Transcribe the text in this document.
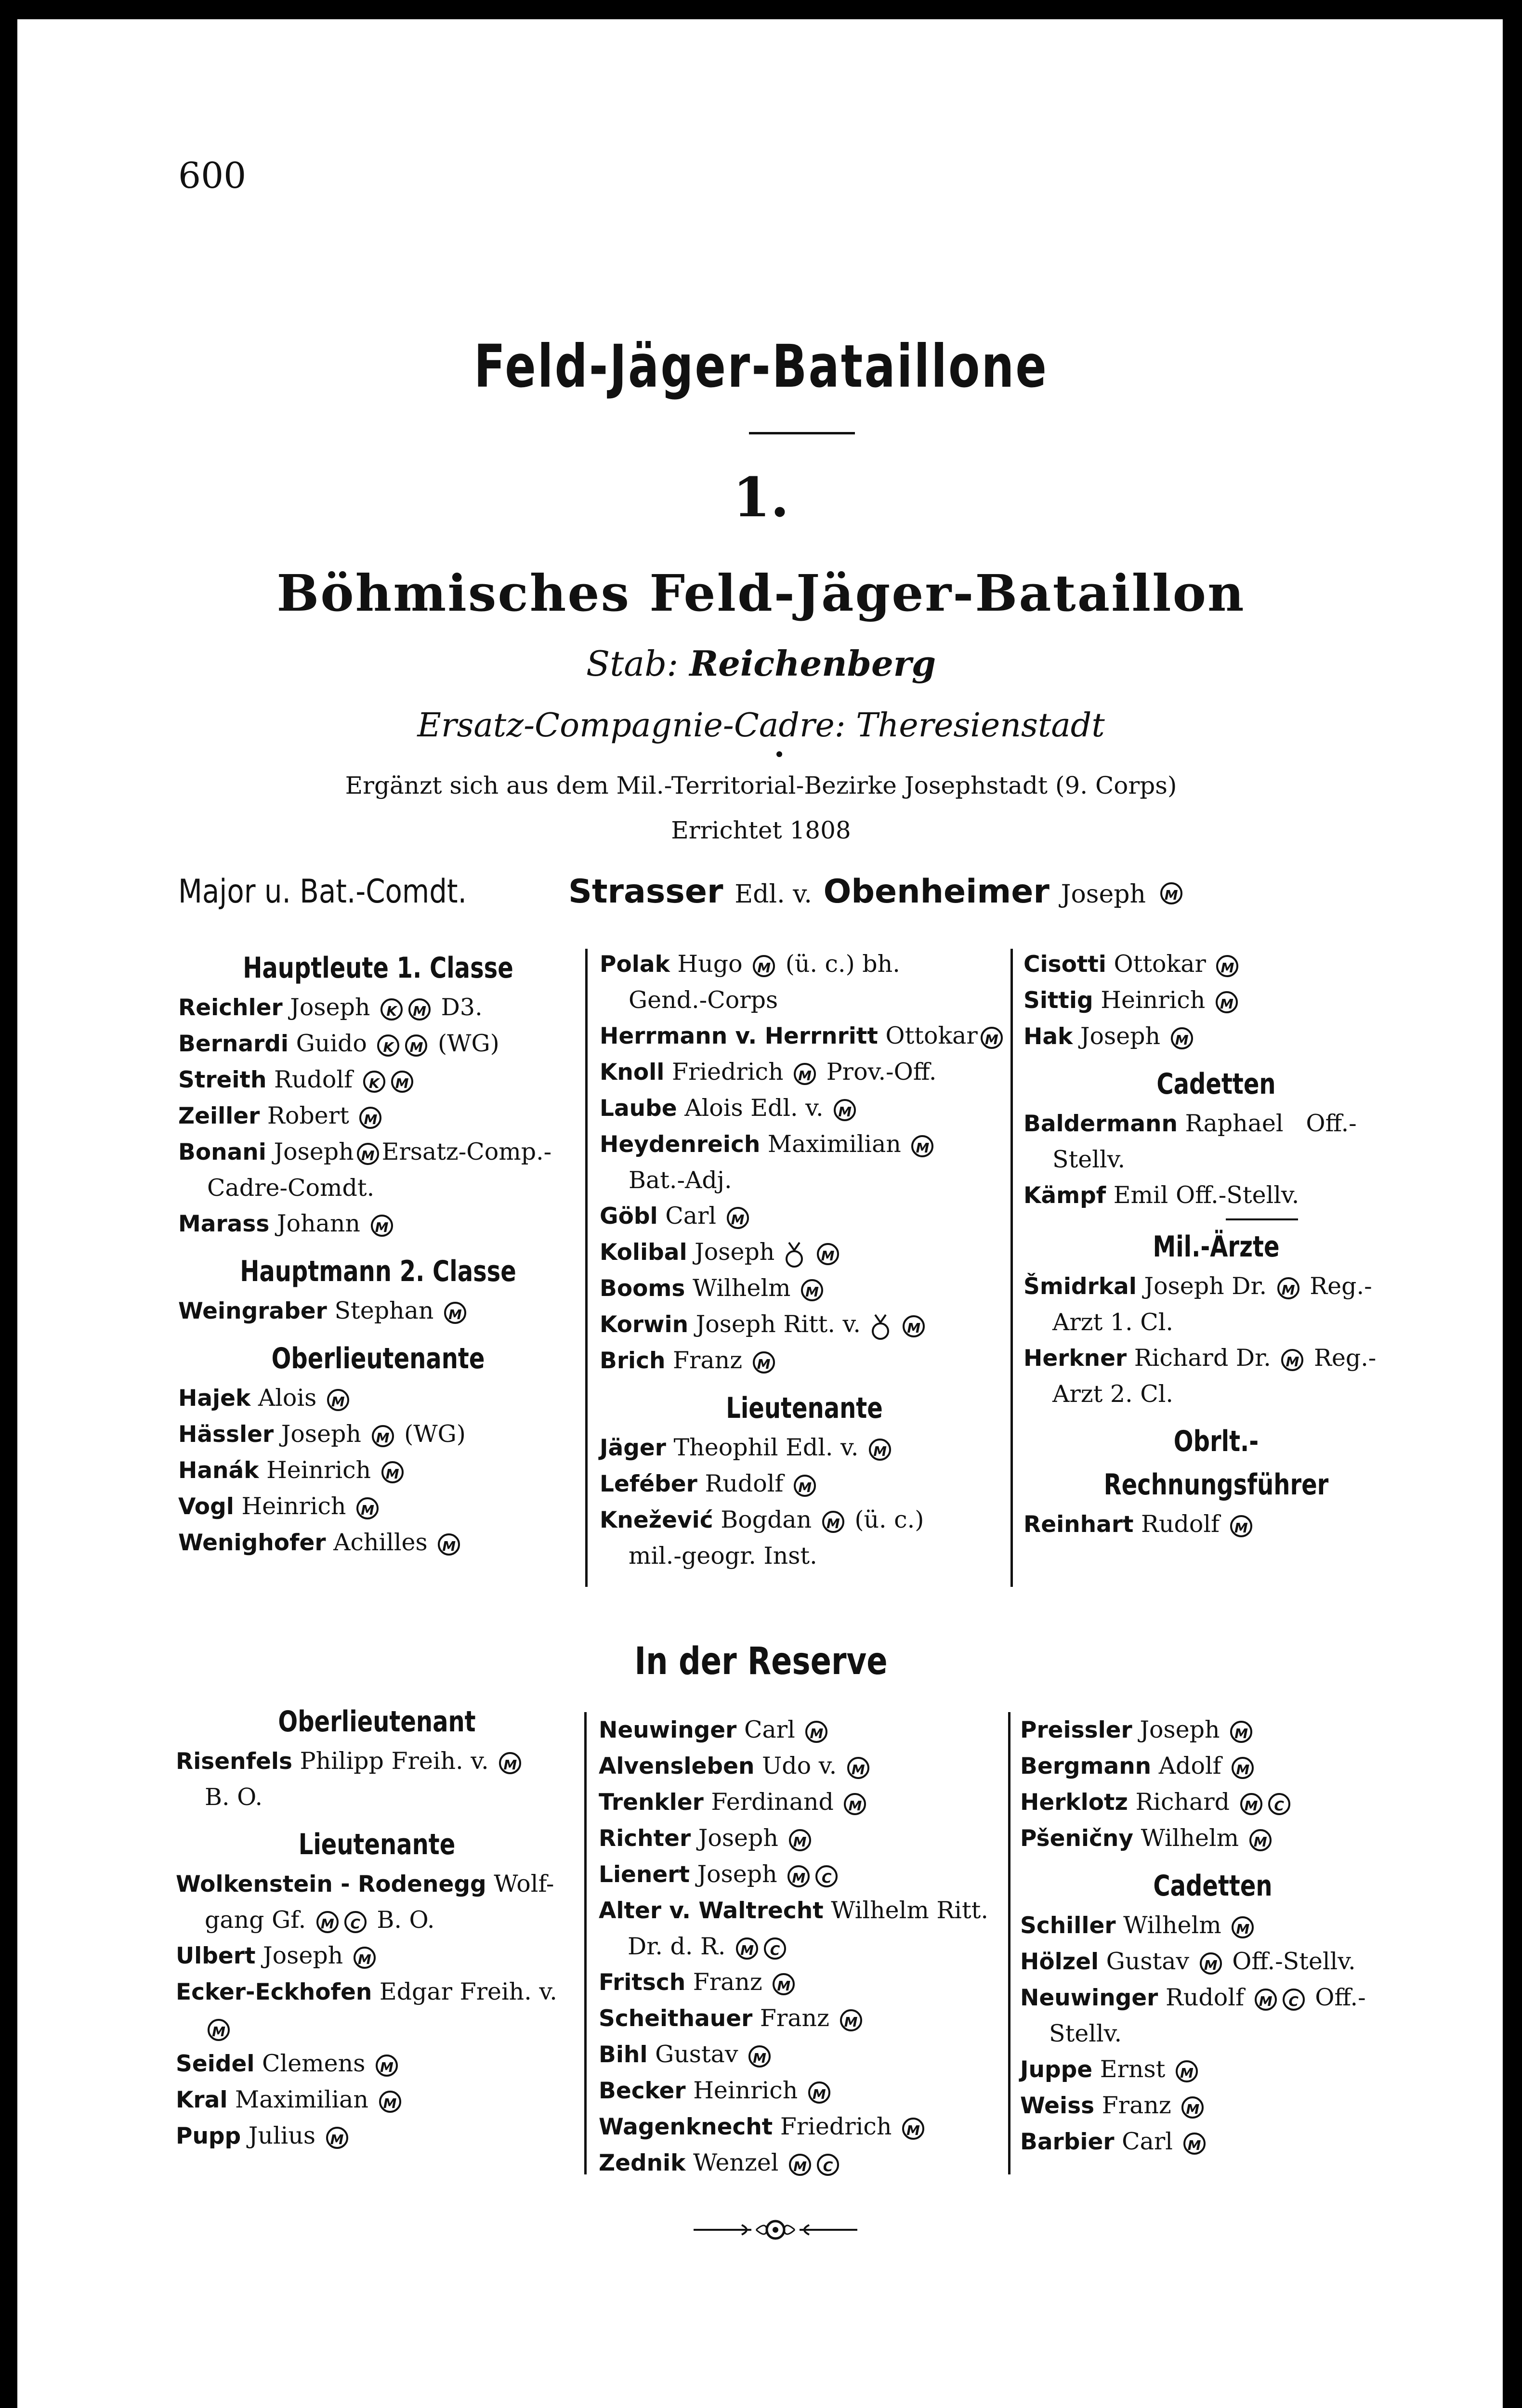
600
Feld-Jäger-Bataillone
1.
Böhmisches Feld-Jäger-Bataillon
Stab: Reichenberg
Ersatz-Compagnie-Cadre: Theresienstadt
Ergänzt sich aus dem Mil.-Territorial-Bezirke Josephstadt (9. Corps)
Errichtet 1808
Major u. Bat.-Comdt.	Strasser Edl. v. Obenheimer Joseph M
Hauptleute 1. Classe
Reichler Joseph K M D3.
Bernardi Guido K M (WG)
Streith Rudolf K M
Zeiller Robert M
Bonani Joseph M Ersatz-Comp.-
Cadre-Comdt.
Marass Johann M
Hauptmann 2. Classe
Weingraber Stephan M
Oberlieutenante
Hajek Alois M
Hässler Joseph M (WG)
Hanák Heinrich M
Vogl Heinrich M
Wenighofer Achilles M
Polak Hugo M (ü. c.) bh.
Gend.-Corps
Herrmann v. Herrnritt Ottokar M
Knoll Friedrich M Prov.-Off.
Laube Alois Edl. v. M
Heydenreich Maximilian M
Bat.-Adj.
Göbl Carl M
Kolibal Joseph	M
Booms Wilhelm M
Korwin Joseph Ritt. v.	M
Brich Franz M
Lieutenante
Jäger Theophil Edl. v. M
Leféber Rudolf M
Knežević Bogdan M (ü. c.)
mil.-geogr. Inst.
Cisotti Ottokar M
Sittig Heinrich M
Hak Joseph M
Cadetten
Baldermann Raphael Off.-
Stellv.
Kämpf Emil Off.-Stellv.
Mil.-Ärzte
Šmidrkal Joseph Dr. M Reg.-
Arzt 1. Cl.
Herkner Richard Dr. M Reg.-
Arzt 2. Cl.
Obrlt.-Rechnungsführer
Reinhart Rudolf M
In der Reserve
Oberlieutenant
Risenfels Philipp Freih. v. M
B. O.
Lieutenante
Wolkenstein - Rodenegg Wolf-
gang Gf. M C B. O.
Ulbert Joseph M
Ecker-Eckhofen Edgar Freih. v.
M
Seidel Clemens M
Kral Maximilian M
Pupp Julius M
Neuwinger Carl M
Alvensleben Udo v. M
Trenkler Ferdinand M
Richter Joseph M
Lienert Joseph M C
Alter v. Waltrecht Wilhelm Ritt.
Dr. d. R. M C
Fritsch Franz M
Scheithauer Franz M
Bihl Gustav M
Becker Heinrich M
Wagenknecht Friedrich M
Zednik Wenzel M C
Preissler Joseph M
Bergmann Adolf M
Herklotz Richard M C
Pšeničny Wilhelm M
Cadetten
Schiller Wilhelm M
Hölzel Gustav M Off.-Stellv.
Neuwinger Rudolf M C Off.-
Stellv.
Juppe Ernst M
Weiss Franz M
Barbier Carl M
